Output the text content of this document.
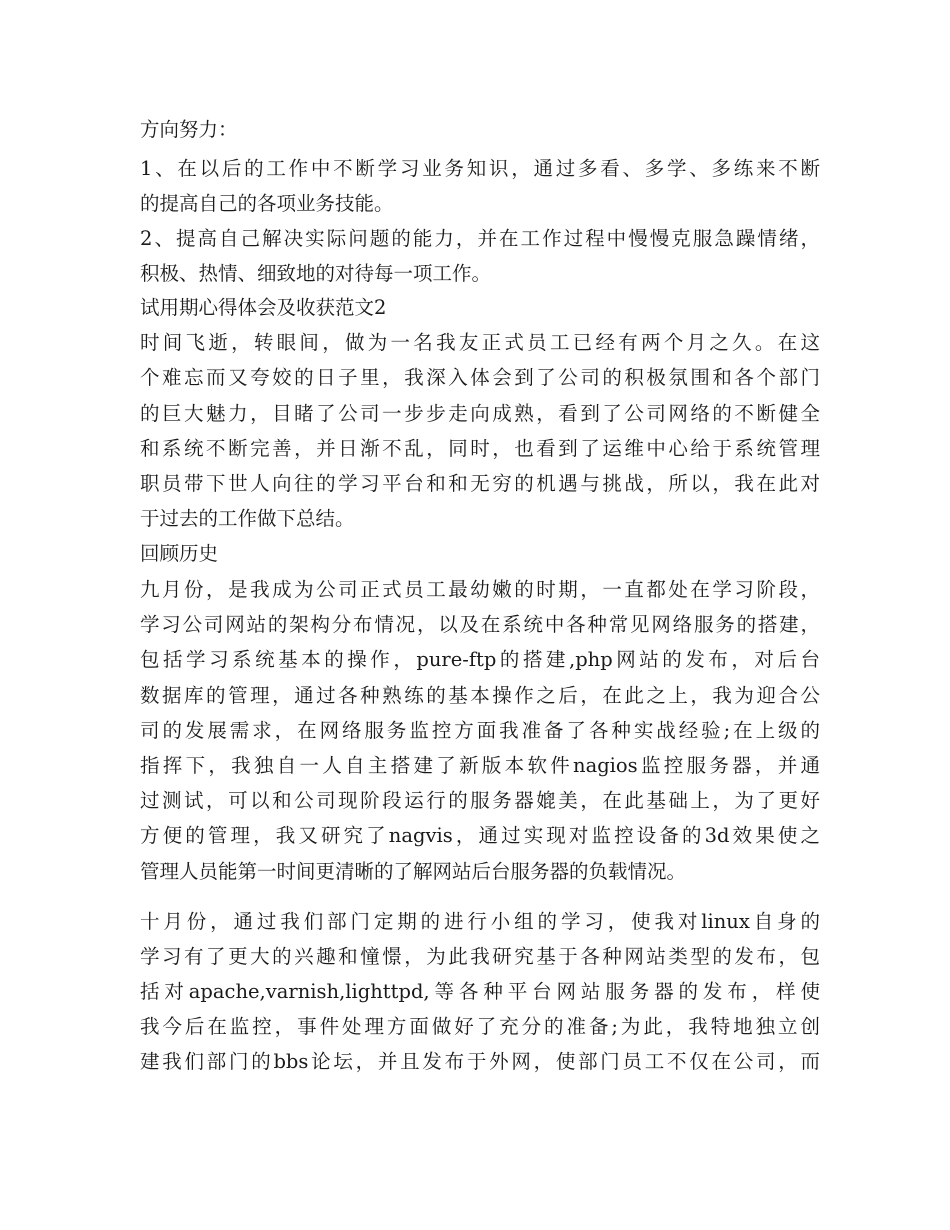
方向努力：
1、在以后的工作中不断学习业务知识，通过多看、多学、多练来不断
的提高自己的各项业务技能。
2、提高自己解决实际问题的能力，并在工作过程中慢慢克服急躁情绪，
积极、热情、细致地的对待每一项工作。
试用期心得体会及收获范文2
时间飞逝，转眼间，做为一名我友正式员工已经有两个月之久。在这
个难忘而又夸姣的日子里，我深入体会到了公司的积极氛围和各个部门
的巨大魅力，目睹了公司一步步走向成熟，看到了公司网络的不断健全
和系统不断完善，并日渐不乱，同时，也看到了运维中心给于系统管理
职员带下世人向往的学习平台和和无穷的机遇与挑战，所以，我在此对
于过去的工作做下总结。
回顾历史
九月份，是我成为公司正式员工最幼嫩的时期，一直都处在学习阶段，
学习公司网站的架构分布情况，以及在系统中各种常见网络服务的搭建，
包括学习系统基本的操作，pure-ftp的搭建,php网站的发布，对后台
数据库的管理，通过各种熟练的基本操作之后，在此之上，我为迎合公
司的发展需求，在网络服务监控方面我准备了各种实战经验;在上级的
指挥下，我独自一人自主搭建了新版本软件nagios监控服务器，并通
过测试，可以和公司现阶段运行的服务器媲美，在此基础上，为了更好
方便的管理，我又研究了nagvis，通过实现对监控设备的3d效果使之
管理人员能第一时间更清晰的了解网站后台服务器的负载情况。
十月份，通过我们部门定期的进行小组的学习，使我对linux自身的
学习有了更大的兴趣和憧憬，为此我研究基于各种网站类型的发布，包
括对apache,varnish,lighttpd,等各种平台网站服务器的发布，样使
我今后在监控，事件处理方面做好了充分的准备;为此，我特地独立创
建我们部门的bbs论坛，并且发布于外网，使部门员工不仅在公司，而
